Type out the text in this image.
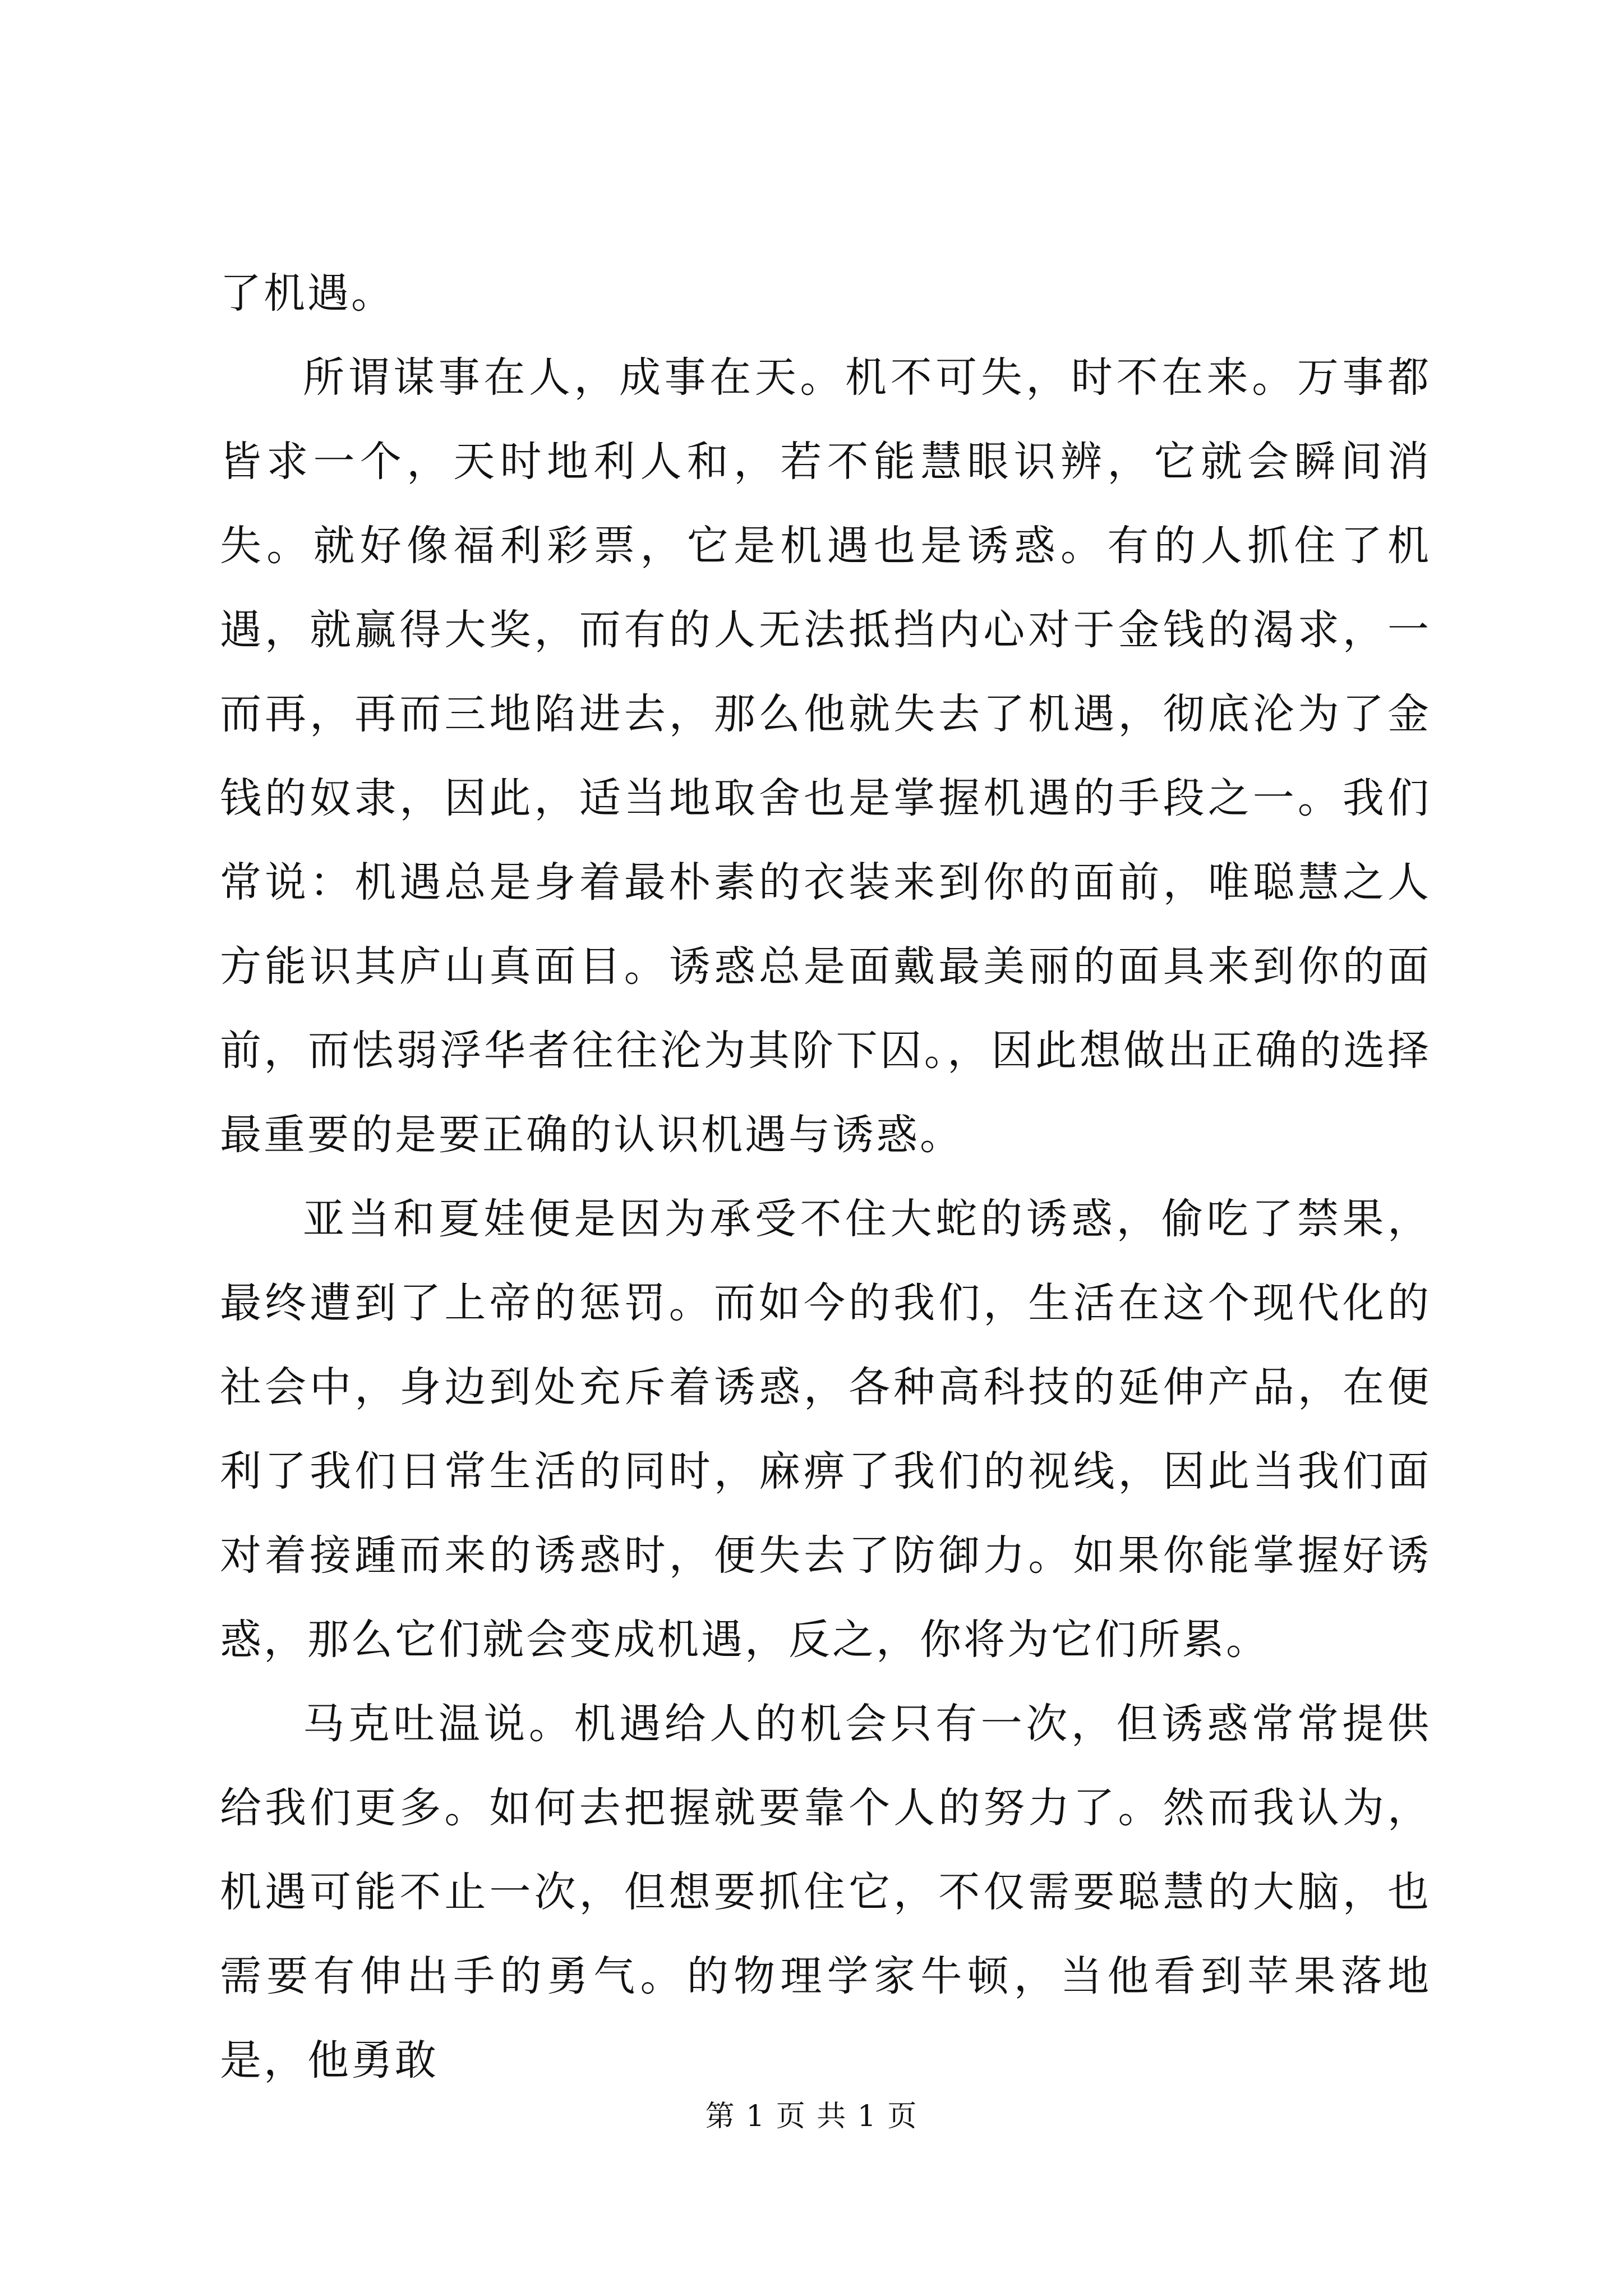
了机遇。

所谓谋事在人，成事在天。机不可失，时不在来。万事都皆求一个，天时地利人和，若不能慧眼识辨，它就会瞬间消失。就好像福利彩票，它是机遇也是诱惑。有的人抓住了机遇，就赢得大奖，而有的人无法抵挡内心对于金钱的渴求，一而再，再而三地陷进去，那么他就失去了机遇，彻底沦为了金钱的奴隶，因此，适当地取舍也是掌握机遇的手段之一。我们常说：机遇总是身着最朴素的衣装来到你的面前，唯聪慧之人方能识其庐山真面目。诱惑总是面戴最美丽的面具来到你的面前，而怯弱浮华者往往沦为其阶下囚。，因此想做出正确的选择最重要的是要正确的认识机遇与诱惑。

亚当和夏娃便是因为承受不住大蛇的诱惑，偷吃了禁果，最终遭到了上帝的惩罚。而如今的我们，生活在这个现代化的社会中，身边到处充斥着诱惑，各种高科技的延伸产品，在便利了我们日常生活的同时，麻痹了我们的视线，因此当我们面对着接踵而来的诱惑时，便失去了防御力。如果你能掌握好诱惑，那么它们就会变成机遇，反之，你将为它们所累。

马克吐温说。机遇给人的机会只有一次，但诱惑常常提供给我们更多。如何去把握就要靠个人的努力了。然而我认为，机遇可能不止一次，但想要抓住它，不仅需要聪慧的大脑，也需要有伸出手的勇气。的物理学家牛顿，当他看到苹果落地是，他勇敢

第 1 页 共 1 页
